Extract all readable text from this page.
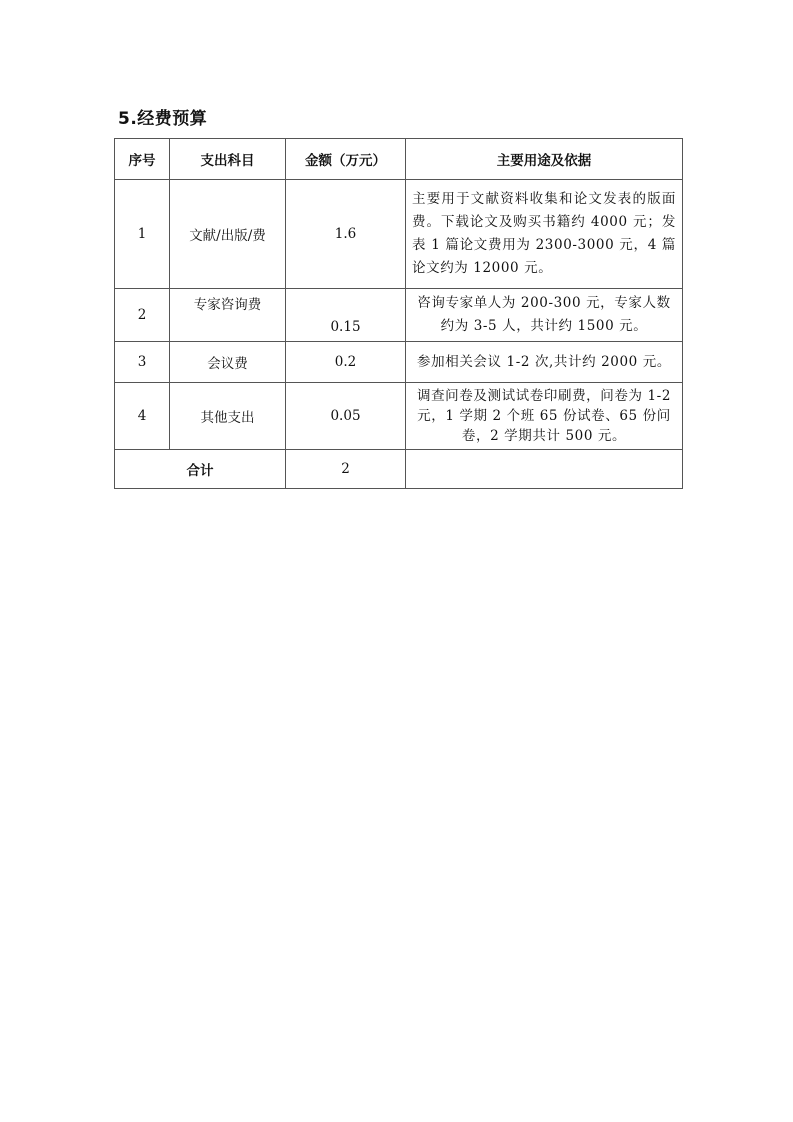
5.经费预算
序号	支出科目	金额（万元）	主要用途及依据
1	文献/出版/费	1.6	主要用于文献资料收集和论文发表的版面费。下载论文及购买书籍约 4000 元；发表 1 篇论文费用为 2300-3000 元，4 篇论文约为 12000 元。
2	专家咨询费	0.15	咨询专家单人为 200-300 元，专家人数约为 3-5 人，共计约 1500 元。
3	会议费	0.2	参加相关会议 1-2 次,共计约 2000 元。
4	其他支出	0.05	调查问卷及测试试卷印刷费，问卷为 1-2 元，1 学期 2 个班 65 份试卷、65 份问卷，2 学期共计 500 元。
合计		2	
